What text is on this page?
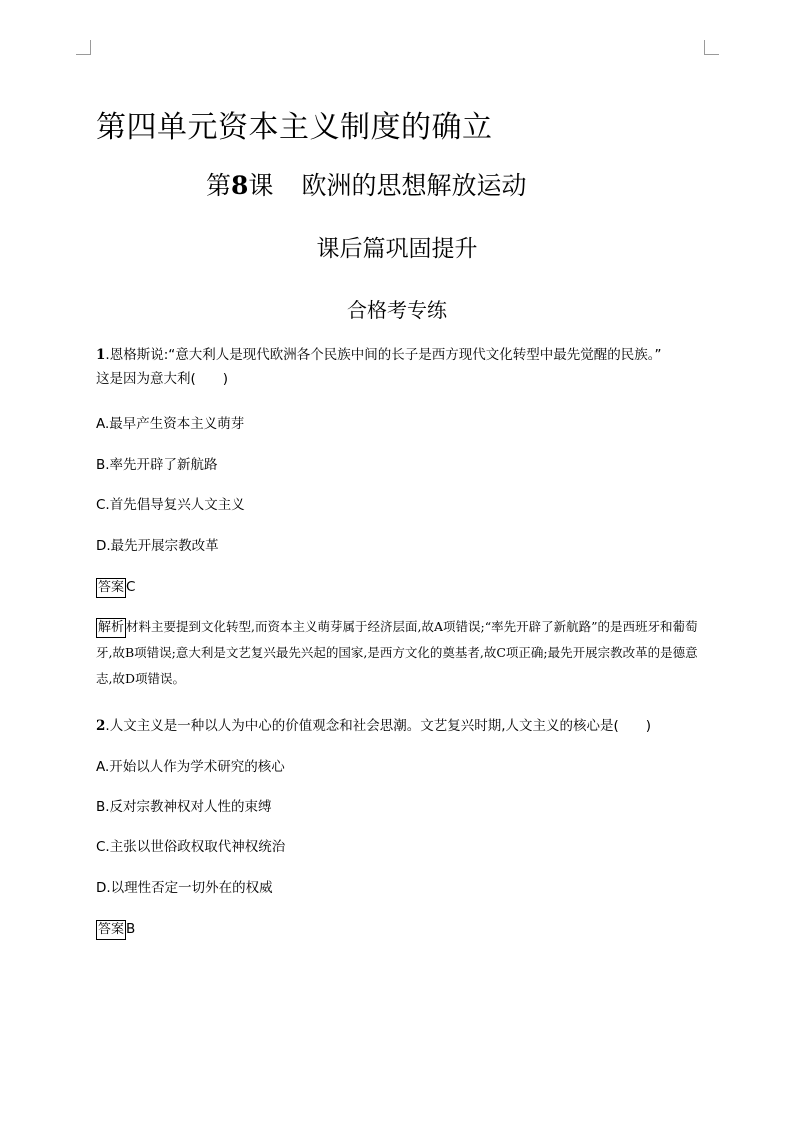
第四单元资本主义制度的确立
第8课 欧洲的思想解放运动
课后篇巩固提升
合格考专练
1.恩格斯说:“意大利人是现代欧洲各个民族中间的长子是西方现代文化转型中最先觉醒的民族。”
这是因为意大利(　　)
A.最早产生资本主义萌芽
B.率先开辟了新航路
C.首先倡导复兴人文主义
D.最先开展宗教改革
答案 C
解析 材料主要提到文化转型,而资本主义萌芽属于经济层面,故A项错误;“率先开辟了新航路”的是西班牙和葡萄牙,故B项错误;意大利是文艺复兴最先兴起的国家,是西方文化的奠基者,故C项正确;最先开展宗教改革的是德意志,故D项错误。
2.人文主义是一种以人为中心的价值观念和社会思潮。文艺复兴时期,人文主义的核心是(　　)
A.开始以人作为学术研究的核心
B.反对宗教神权对人性的束缚
C.主张以世俗政权取代神权统治
D.以理性否定一切外在的权威
答案 B
